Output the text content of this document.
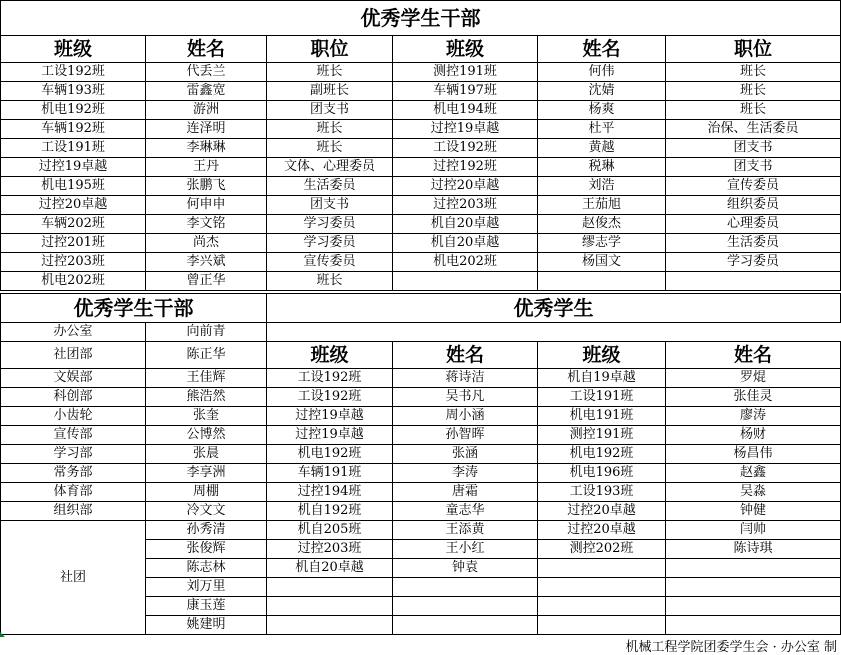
优秀学生干部					
班级	姓名	职位	班级	姓名	职位
工设192班	代丢兰	班长	测控191班	何伟	班长
车辆193班	雷鑫宽	副班长	车辆197班	沈婧	班长
机电192班	游洲	团支书	机电194班	杨爽	班长
车辆192班	连泽明	班长	过控19卓越	杜平	治保、生活委员
工设191班	李琳琳	班长	工设192班	黄越	团支书
过控19卓越	王丹	文体、心理委员	过控192班	税琳	团支书
机电195班	张鹏飞	生活委员	过控20卓越	刘浩	宣传委员
过控20卓越	何申申	团支书	过控203班	王茄旭	组织委员
车辆202班	李文铭	学习委员	机自20卓越	赵俊杰	心理委员
过控201班	尚杰	学习委员	机自20卓越	缪志学	生活委员
过控203班	李兴斌	宣传委员	机电202班	杨国文	学习委员
机电202班	曾正华	班长			
优秀学生干部		优秀学生			
办公室	向前青				
社团部	陈正华	班级	姓名	班级	姓名
文娱部	王佳辉	工设192班	蒋诗洁	机自19卓越	罗焜
科创部	熊浩然	工设192班	吴书凡	工设191班	张佳灵
小齿轮	张奎	过控19卓越	周小涵	机电191班	廖涛
宣传部	公博然	过控19卓越	孙智晖	测控191班	杨财
学习部	张晨	机电192班	张涵	机电192班	杨昌伟
常务部	李享洲	车辆191班	李涛	机电196班	赵鑫
体育部	周棚	过控194班	唐霜	工设193班	吴淼
组织部	冷文文	机自192班	童志华	过控20卓越	钟健
社团	孙秀清	机自205班	王添黄	过控20卓越	闫帅
	张俊辉	过控203班	王小红	测控202班	陈诗琪
	陈志林	机自20卓越	钟袁		
	刘万里				
	康玉莲				
	姚建明				
机械工程学院团委学生会 · 办公室 制
